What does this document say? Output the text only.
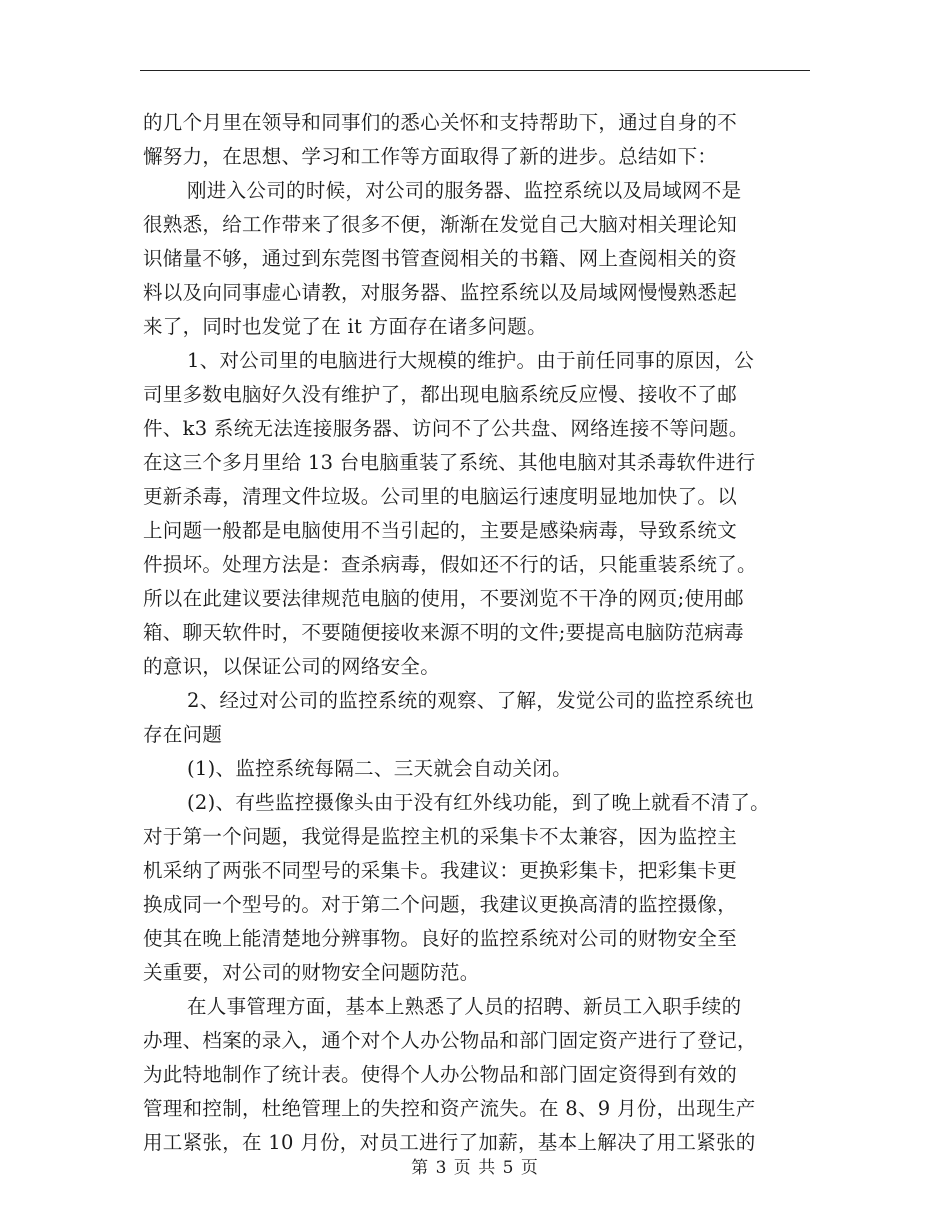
的几个月里在领导和同事们的悉心关怀和支持帮助下，通过自身的不
懈努力，在思想、学习和工作等方面取得了新的进步。总结如下：
刚进入公司的时候，对公司的服务器、监控系统以及局域网不是
很熟悉，给工作带来了很多不便，渐渐在发觉自己大脑对相关理论知
识储量不够，通过到东莞图书管查阅相关的书籍、网上查阅相关的资
料以及向同事虚心请教，对服务器、监控系统以及局域网慢慢熟悉起
来了，同时也发觉了在 it 方面存在诸多问题。
1、对公司里的电脑进行大规模的维护。由于前任同事的原因，公
司里多数电脑好久没有维护了，都出现电脑系统反应慢、接收不了邮
件、k3 系统无法连接服务器、访问不了公共盘、网络连接不等问题。
在这三个多月里给 13 台电脑重装了系统、其他电脑对其杀毒软件进行
更新杀毒，清理文件垃圾。公司里的电脑运行速度明显地加快了。以
上问题一般都是电脑使用不当引起的，主要是感染病毒，导致系统文
件损坏。处理方法是：查杀病毒，假如还不行的话，只能重装系统了。
所以在此建议要法律规范电脑的使用，不要浏览不干净的网页;使用邮
箱、聊天软件时，不要随便接收来源不明的文件;要提高电脑防范病毒
的意识，以保证公司的网络安全。
2、经过对公司的监控系统的观察、了解，发觉公司的监控系统也
存在问题
(1)、监控系统每隔二、三天就会自动关闭。
(2)、有些监控摄像头由于没有红外线功能，到了晚上就看不清了。
对于第一个问题，我觉得是监控主机的采集卡不太兼容，因为监控主
机采纳了两张不同型号的采集卡。我建议：更换彩集卡，把彩集卡更
换成同一个型号的。对于第二个问题，我建议更换高清的监控摄像，
使其在晚上能清楚地分辨事物。良好的监控系统对公司的财物安全至
关重要，对公司的财物安全问题防范。
在人事管理方面，基本上熟悉了人员的招聘、新员工入职手续的
办理、档案的录入，通个对个人办公物品和部门固定资产进行了登记，
为此特地制作了统计表。使得个人办公物品和部门固定资得到有效的
管理和控制，杜绝管理上的失控和资产流失。在 8、9 月份，出现生产
用工紧张，在 10 月份，对员工进行了加薪，基本上解决了用工紧张的
第 3 页 共 5 页
